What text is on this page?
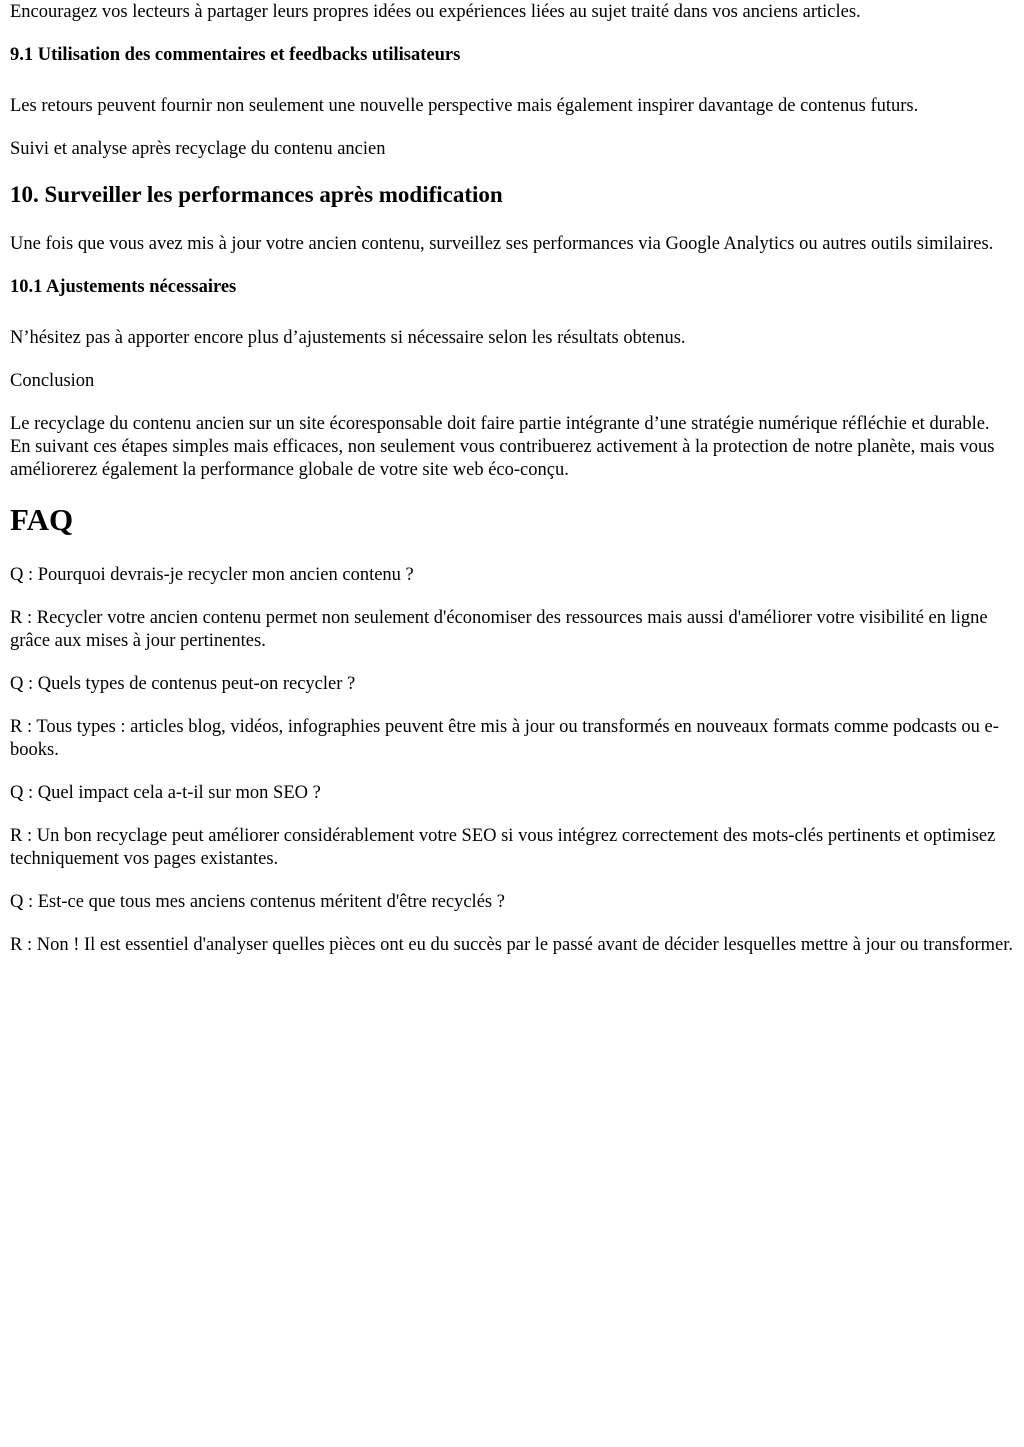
Encouragez vos lecteurs à partager leurs propres idées ou expériences liées au sujet traité dans vos anciens articles.

9.1 Utilisation des commentaires et feedbacks utilisateurs

Les retours peuvent fournir non seulement une nouvelle perspective mais également inspirer davantage de contenus futurs.

Suivi et analyse après recyclage du contenu ancien

10. Surveiller les performances après modification

Une fois que vous avez mis à jour votre ancien contenu, surveillez ses performances via Google Analytics ou autres outils similaires.

10.1 Ajustements nécessaires

N’hésitez pas à apporter encore plus d’ajustements si nécessaire selon les résultats obtenus.

Conclusion

Le recyclage du contenu ancien sur un site écoresponsable doit faire partie intégrante d’une stratégie numérique réfléchie et durable. En suivant ces étapes simples mais efficaces, non seulement vous contribuerez activement à la protection de notre planète, mais vous améliorerez également la performance globale de votre site web éco-conçu.

FAQ

Q : Pourquoi devrais-je recycler mon ancien contenu ?

R : Recycler votre ancien contenu permet non seulement d'économiser des ressources mais aussi d'améliorer votre visibilité en ligne grâce aux mises à jour pertinentes.

Q : Quels types de contenus peut-on recycler ?

R : Tous types : articles blog, vidéos, infographies peuvent être mis à jour ou transformés en nouveaux formats comme podcasts ou e-books.

Q : Quel impact cela a-t-il sur mon SEO ?

R : Un bon recyclage peut améliorer considérablement votre SEO si vous intégrez correctement des mots-clés pertinents et optimisez techniquement vos pages existantes.

Q : Est-ce que tous mes anciens contenus méritent d'être recyclés ?

R : Non ! Il est essentiel d'analyser quelles pièces ont eu du succès par le passé avant de décider lesquelles mettre à jour ou transformer.
